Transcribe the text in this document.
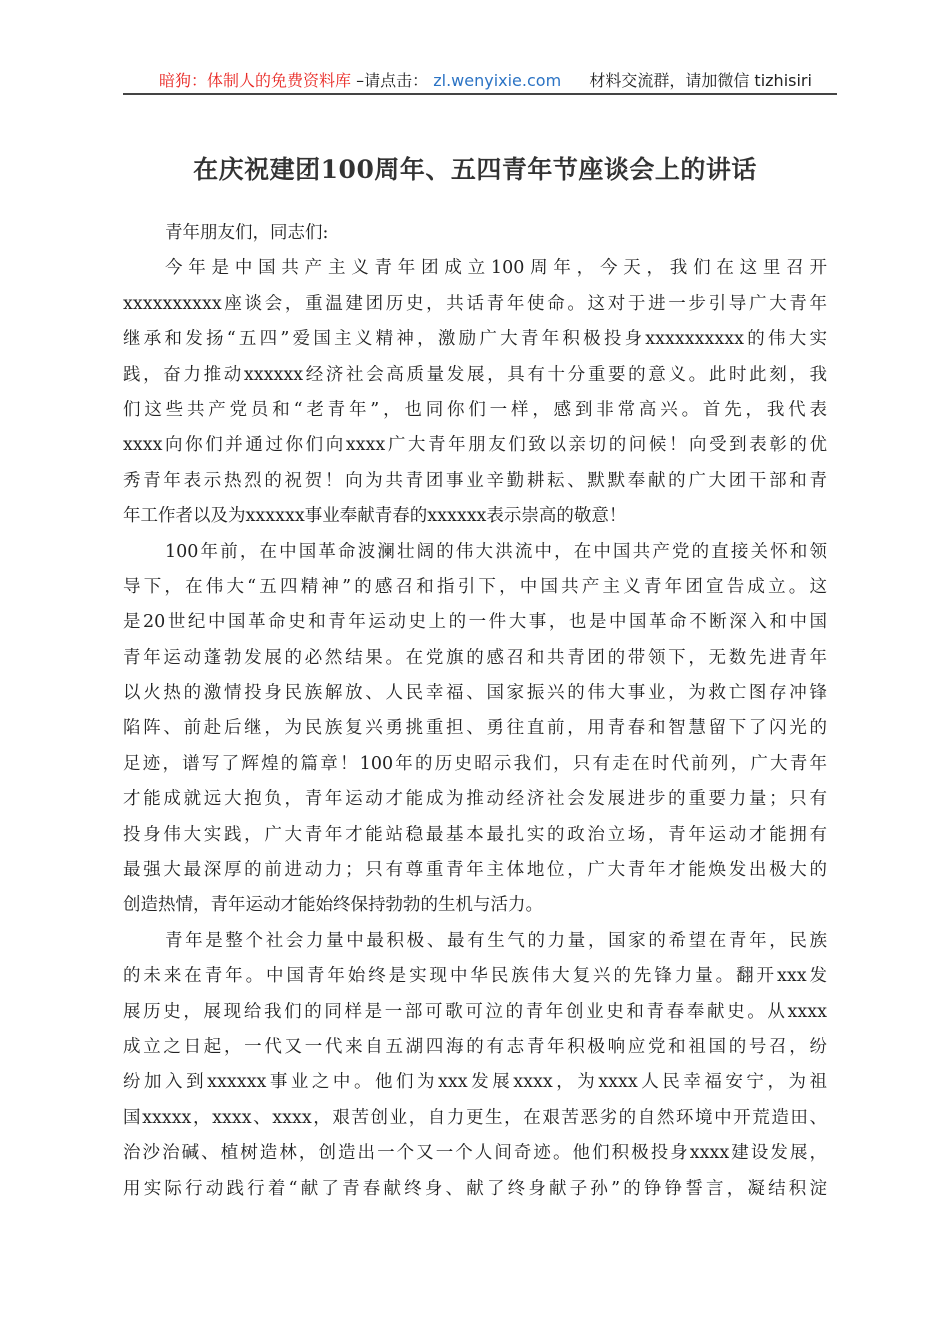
暗狗：体制人的免费资料库 –请点击： zl.wenyixie.com 材料交流群，请加微信 tizhisiri
在庆祝建团100周年、五四青年节座谈会上的讲话
青年朋友们，同志们:
今年是中国共产主义青年团成立100周年，今天，我们在这里召开
xxxxxxxxxx座谈会，重温建团历史，共话青年使命。这对于进一步引导广大青年
继承和发扬“五四”爱国主义精神，激励广大青年积极投身xxxxxxxxxx的伟大实
践，奋力推动xxxxxx经济社会高质量发展，具有十分重要的意义。此时此刻，我
们这些共产党员和“老青年”，也同你们一样，感到非常高兴。首先，我代表
xxxx向你们并通过你们向xxxx广大青年朋友们致以亲切的问候！向受到表彰的优
秀青年表示热烈的祝贺！向为共青团事业辛勤耕耘、默默奉献的广大团干部和青
年工作者以及为xxxxxx事业奉献青春的xxxxxx表示崇高的敬意！
100年前，在中国革命波澜壮阔的伟大洪流中，在中国共产党的直接关怀和领
导下，在伟大“五四精神”的感召和指引下，中国共产主义青年团宣告成立。这
是20世纪中国革命史和青年运动史上的一件大事，也是中国革命不断深入和中国
青年运动蓬勃发展的必然结果。在党旗的感召和共青团的带领下，无数先进青年
以火热的激情投身民族解放、人民幸福、国家振兴的伟大事业，为救亡图存冲锋
陷阵、前赴后继，为民族复兴勇挑重担、勇往直前，用青春和智慧留下了闪光的
足迹，谱写了辉煌的篇章！100年的历史昭示我们，只有走在时代前列，广大青年
才能成就远大抱负，青年运动才能成为推动经济社会发展进步的重要力量；只有
投身伟大实践，广大青年才能站稳最基本最扎实的政治立场，青年运动才能拥有
最强大最深厚的前进动力；只有尊重青年主体地位，广大青年才能焕发出极大的
创造热情，青年运动才能始终保持勃勃的生机与活力。
青年是整个社会力量中最积极、最有生气的力量，国家的希望在青年，民族
的未来在青年。中国青年始终是实现中华民族伟大复兴的先锋力量。翻开xxx发
展历史，展现给我们的同样是一部可歌可泣的青年创业史和青春奉献史。从xxxx
成立之日起，一代又一代来自五湖四海的有志青年积极响应党和祖国的号召，纷
纷加入到xxxxxx事业之中。他们为xxx发展xxxx，为xxxx人民幸福安宁，为祖
国xxxxx，xxxx、xxxx，艰苦创业，自力更生，在艰苦恶劣的自然环境中开荒造田、
治沙治碱、植树造林，创造出一个又一个人间奇迹。他们积极投身xxxx建设发展，
用实际行动践行着“献了青春献终身、献了终身献子孙”的铮铮誓言，凝结积淀
